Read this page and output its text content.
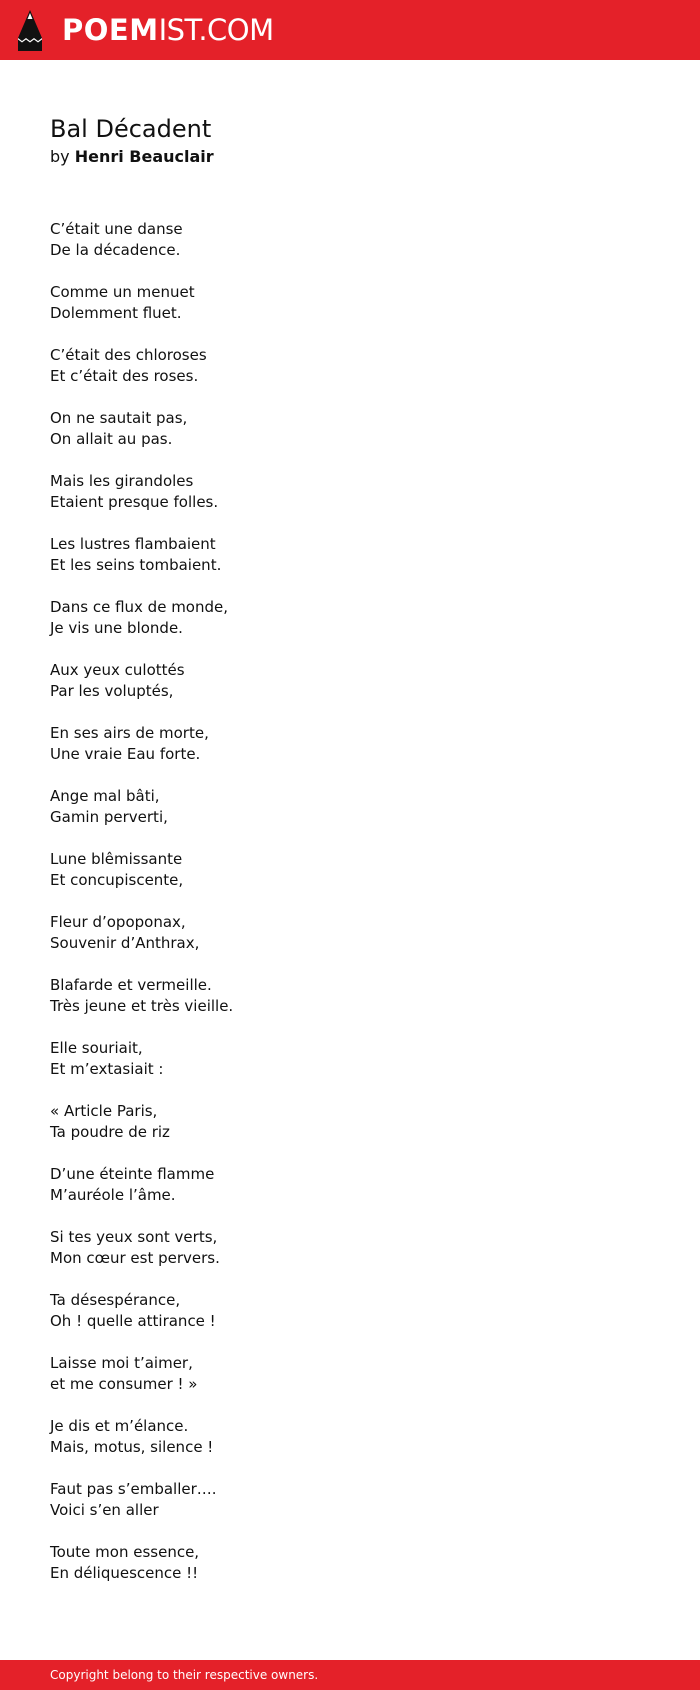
POEMIST.COM
Bal Décadent
by Henri Beauclair
C’était une danse
De la décadence.
Comme un menuet
Dolemment fluet.
C’était des chloroses
Et c’était des roses.
On ne sautait pas,
On allait au pas.
Mais les girandoles
Etaient presque folles.
Les lustres flambaient
Et les seins tombaient.
Dans ce flux de monde,
Je vis une blonde.
Aux yeux culottés
Par les voluptés,
En ses airs de morte,
Une vraie Eau forte.
Ange mal bâti,
Gamin perverti,
Lune blêmissante
Et concupiscente,
Fleur d’opoponax,
Souvenir d’Anthrax,
Blafarde et vermeille.
Très jeune et très vieille.
Elle souriait,
Et m’extasiait :
« Article Paris,
Ta poudre de riz
D’une éteinte flamme
M’auréole l’âme.
Si tes yeux sont verts,
Mon cœur est pervers.
Ta désespérance,
Oh ! quelle attirance !
Laisse moi t’aimer,
et me consumer ! »
Je dis et m’élance.
Mais, motus, silence !
Faut pas s’emballer….
Voici s’en aller
Toute mon essence,
En déliquescence !!
Copyright belong to their respective owners.
